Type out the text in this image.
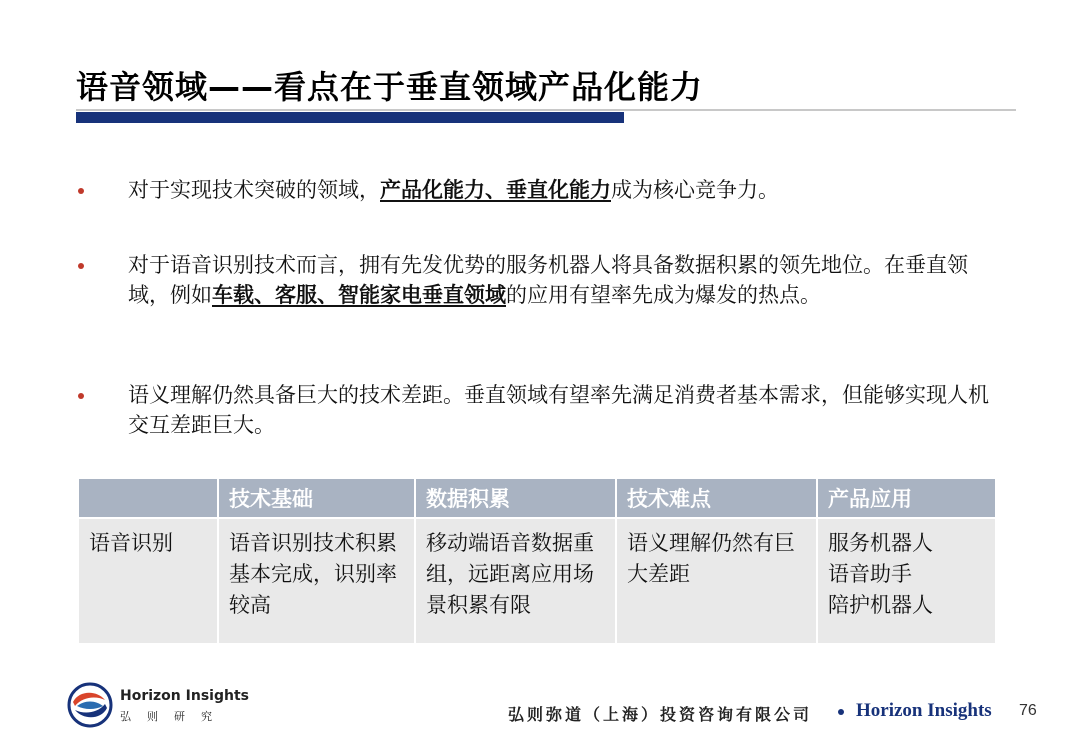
语音领域——看点在于垂直领域产品化能力
对于实现技术突破的领域，产品化能力、垂直化能力成为核心竞争力。
对于语音识别技术而言，拥有先发优势的服务机器人将具备数据积累的领先地位。在垂直领域，例如车载、客服、智能家电垂直领域的应用有望率先成为爆发的热点。
语义理解仍然具备巨大的技术差距。垂直领域有望率先满足消费者基本需求，但能够实现人机交互差距巨大。
	技术基础	数据积累	技术难点	产品应用
语音识别	语音识别技术积累基本完成，识别率较高	移动端语音数据重组，远距离应用场景积累有限	语义理解仍然有巨大差距	服务机器人
语音助手
陪护机器人
Horizon Insights
弘则研究	弘则弥道（上海）投资咨询有限公司 Horizon Insights 76
